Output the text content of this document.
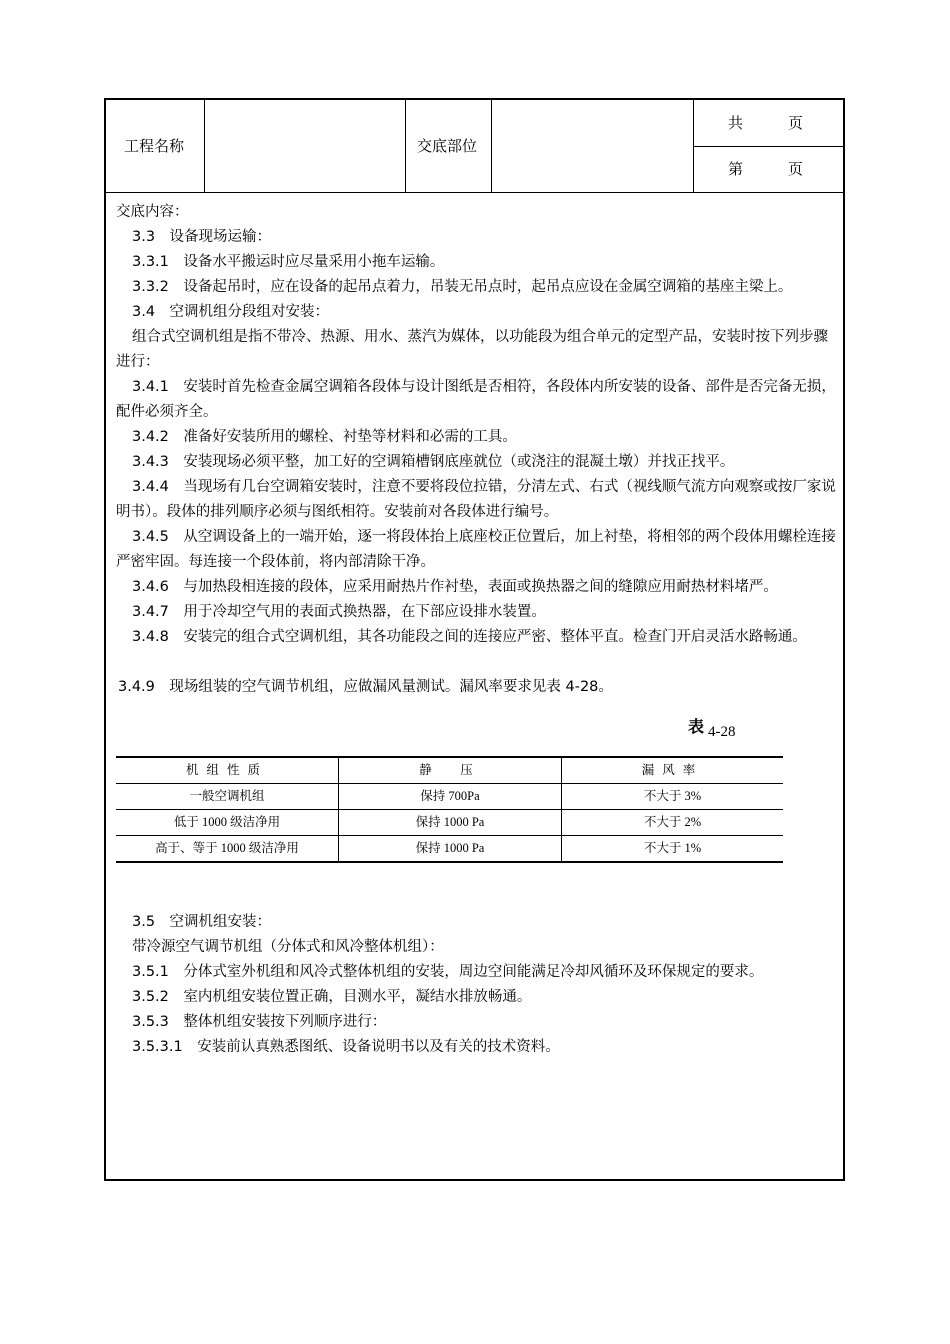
工程名称	交底部位
共　　　页
第　　　页

交底内容：

3.3　设备现场运输：

3.3.1　设备水平搬运时应尽量采用小拖车运输。

3.3.2　设备起吊时，应在设备的起吊点着力，吊装无吊点时，起吊点应设在金属空调箱的基座主梁上。

3.4　空调机组分段组对安装：

组合式空调机组是指不带冷、热源、用水、蒸汽为媒体，以功能段为组合单元的定型产品，安装时按下列步骤进行：

3.4.1　安装时首先检查金属空调箱各段体与设计图纸是否相符，各段体内所安装的设备、部件是否完备无损，配件必须齐全。

3.4.2　准备好安装所用的螺栓、衬垫等材料和必需的工具。

3.4.3　安装现场必须平整，加工好的空调箱槽钢底座就位（或浇注的混凝土墩）并找正找平。

3.4.4　当现场有几台空调箱安装时，注意不要将段位拉错，分清左式、右式（视线顺气流方向观察或按厂家说明书）。段体的排列顺序必须与图纸相符。安装前对各段体进行编号。

3.4.5　从空调设备上的一端开始，逐一将段体抬上底座校正位置后，加上衬垫，将相邻的两个段体用螺栓连接严密牢固。每连接一个段体前，将内部清除干净。

3.4.6　与加热段相连接的段体，应采用耐热片作衬垫，表面或换热器之间的缝隙应用耐热材料堵严。

3.4.7　用于冷却空气用的表面式换热器，在下部应设排水装置。

3.4.8　安装完的组合式空调机组，其各功能段之间的连接应严密、整体平直。检查门开启灵活水路畅通。

3.4.9　现场组装的空气调节机组，应做漏风量测试。漏风率要求见表 4-28。

表 4-28
机组性质	静　压	漏风率
一般空调机组	保持 700Pa	不大于 3%
低于 1000 级洁净用	保持 1000 Pa	不大于 2%
高于、等于 1000 级洁净用	保持 1000 Pa	不大于 1%

3.5　空调机组安装：

带冷源空气调节机组（分体式和风冷整体机组）：

3.5.1　分体式室外机组和风冷式整体机组的安装，周边空间能满足冷却风循环及环保规定的要求。

3.5.2　室内机组安装位置正确，目测水平，凝结水排放畅通。

3.5.3　整体机组安装按下列顺序进行：

3.5.3.1　安装前认真熟悉图纸、设备说明书以及有关的技术资料。
